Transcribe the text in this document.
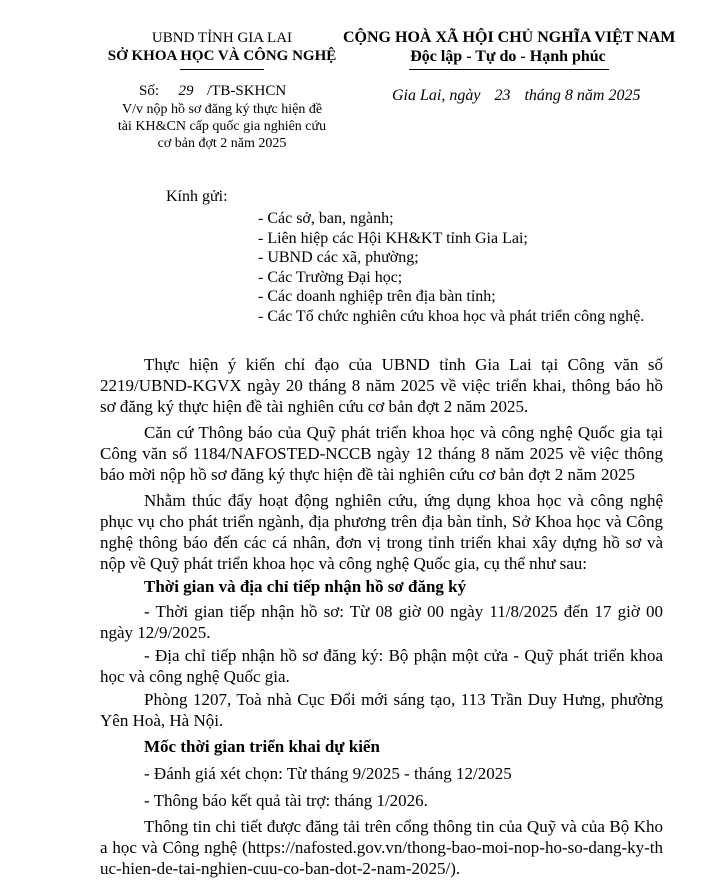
UBND TỈNH GIA LAI
SỞ KHOA HỌC VÀ CÔNG NGHỆ
Số: 29 /TB-SKHCN
V/v nộp hồ sơ đăng ký thực hiện đề
tài KH&CN cấp quốc gia nghiên cứu
cơ bản đợt 2 năm 2025
CỘNG HOÀ XÃ HỘI CHỦ NGHĨA VIỆT NAM
Độc lập - Tự do - Hạnh phúc
Gia Lai, ngày 23 tháng 8 năm 2025
Kính gửi:
- Các sở, ban, ngành;
- Liên hiệp các Hội KH&KT tỉnh Gia Lai;
- UBND các xã, phường;
- Các Trường Đại học;
- Các doanh nghiệp trên địa bàn tỉnh;
- Các Tổ chức nghiên cứu khoa học và phát triển công nghệ.
Thực hiện ý kiến chỉ đạo của UBND tỉnh Gia Lai tại Công văn số 2219/UBND-KGVX ngày 20 tháng 8 năm 2025 về việc triển khai, thông báo hồ sơ đăng ký thực hiện đề tài nghiên cứu cơ bản đợt 2 năm 2025.
Căn cứ Thông báo của Quỹ phát triển khoa học và công nghệ Quốc gia tại Công văn số 1184/NAFOSTED-NCCB ngày 12 tháng 8 năm 2025 về việc thông báo mời nộp hồ sơ đăng ký thực hiện đề tài nghiên cứu cơ bản đợt 2 năm 2025
Nhằm thúc đẩy hoạt động nghiên cứu, ứng dụng khoa học và công nghệ phục vụ cho phát triển ngành, địa phương trên địa bàn tỉnh, Sở Khoa học và Công nghệ thông báo đến các cá nhân, đơn vị trong tỉnh triển khai xây dựng hồ sơ và nộp về Quỹ phát triển khoa học và công nghệ Quốc gia, cụ thể như sau:
Thời gian và địa chỉ tiếp nhận hồ sơ đăng ký
- Thời gian tiếp nhận hồ sơ: Từ 08 giờ 00 ngày 11/8/2025 đến 17 giờ 00 ngày 12/9/2025.
- Địa chỉ tiếp nhận hồ sơ đăng ký: Bộ phận một cửa - Quỹ phát triển khoa học và công nghệ Quốc gia.
Phòng 1207, Toà nhà Cục Đổi mới sáng tạo, 113 Trần Duy Hưng, phường Yên Hoà, Hà Nội.
Mốc thời gian triển khai dự kiến
- Đánh giá xét chọn: Từ tháng 9/2025 - tháng 12/2025
- Thông báo kết quả tài trợ: tháng 1/2026.
Thông tin chi tiết được đăng tải trên cổng thông tin của Quỹ và của Bộ Khoa học và Công nghệ (https://nafosted.gov.vn/thong-bao-moi-nop-ho-so-dang-ky-thuc-hien-de-tai-nghien-cuu-co-ban-dot-2-nam-2025/).
